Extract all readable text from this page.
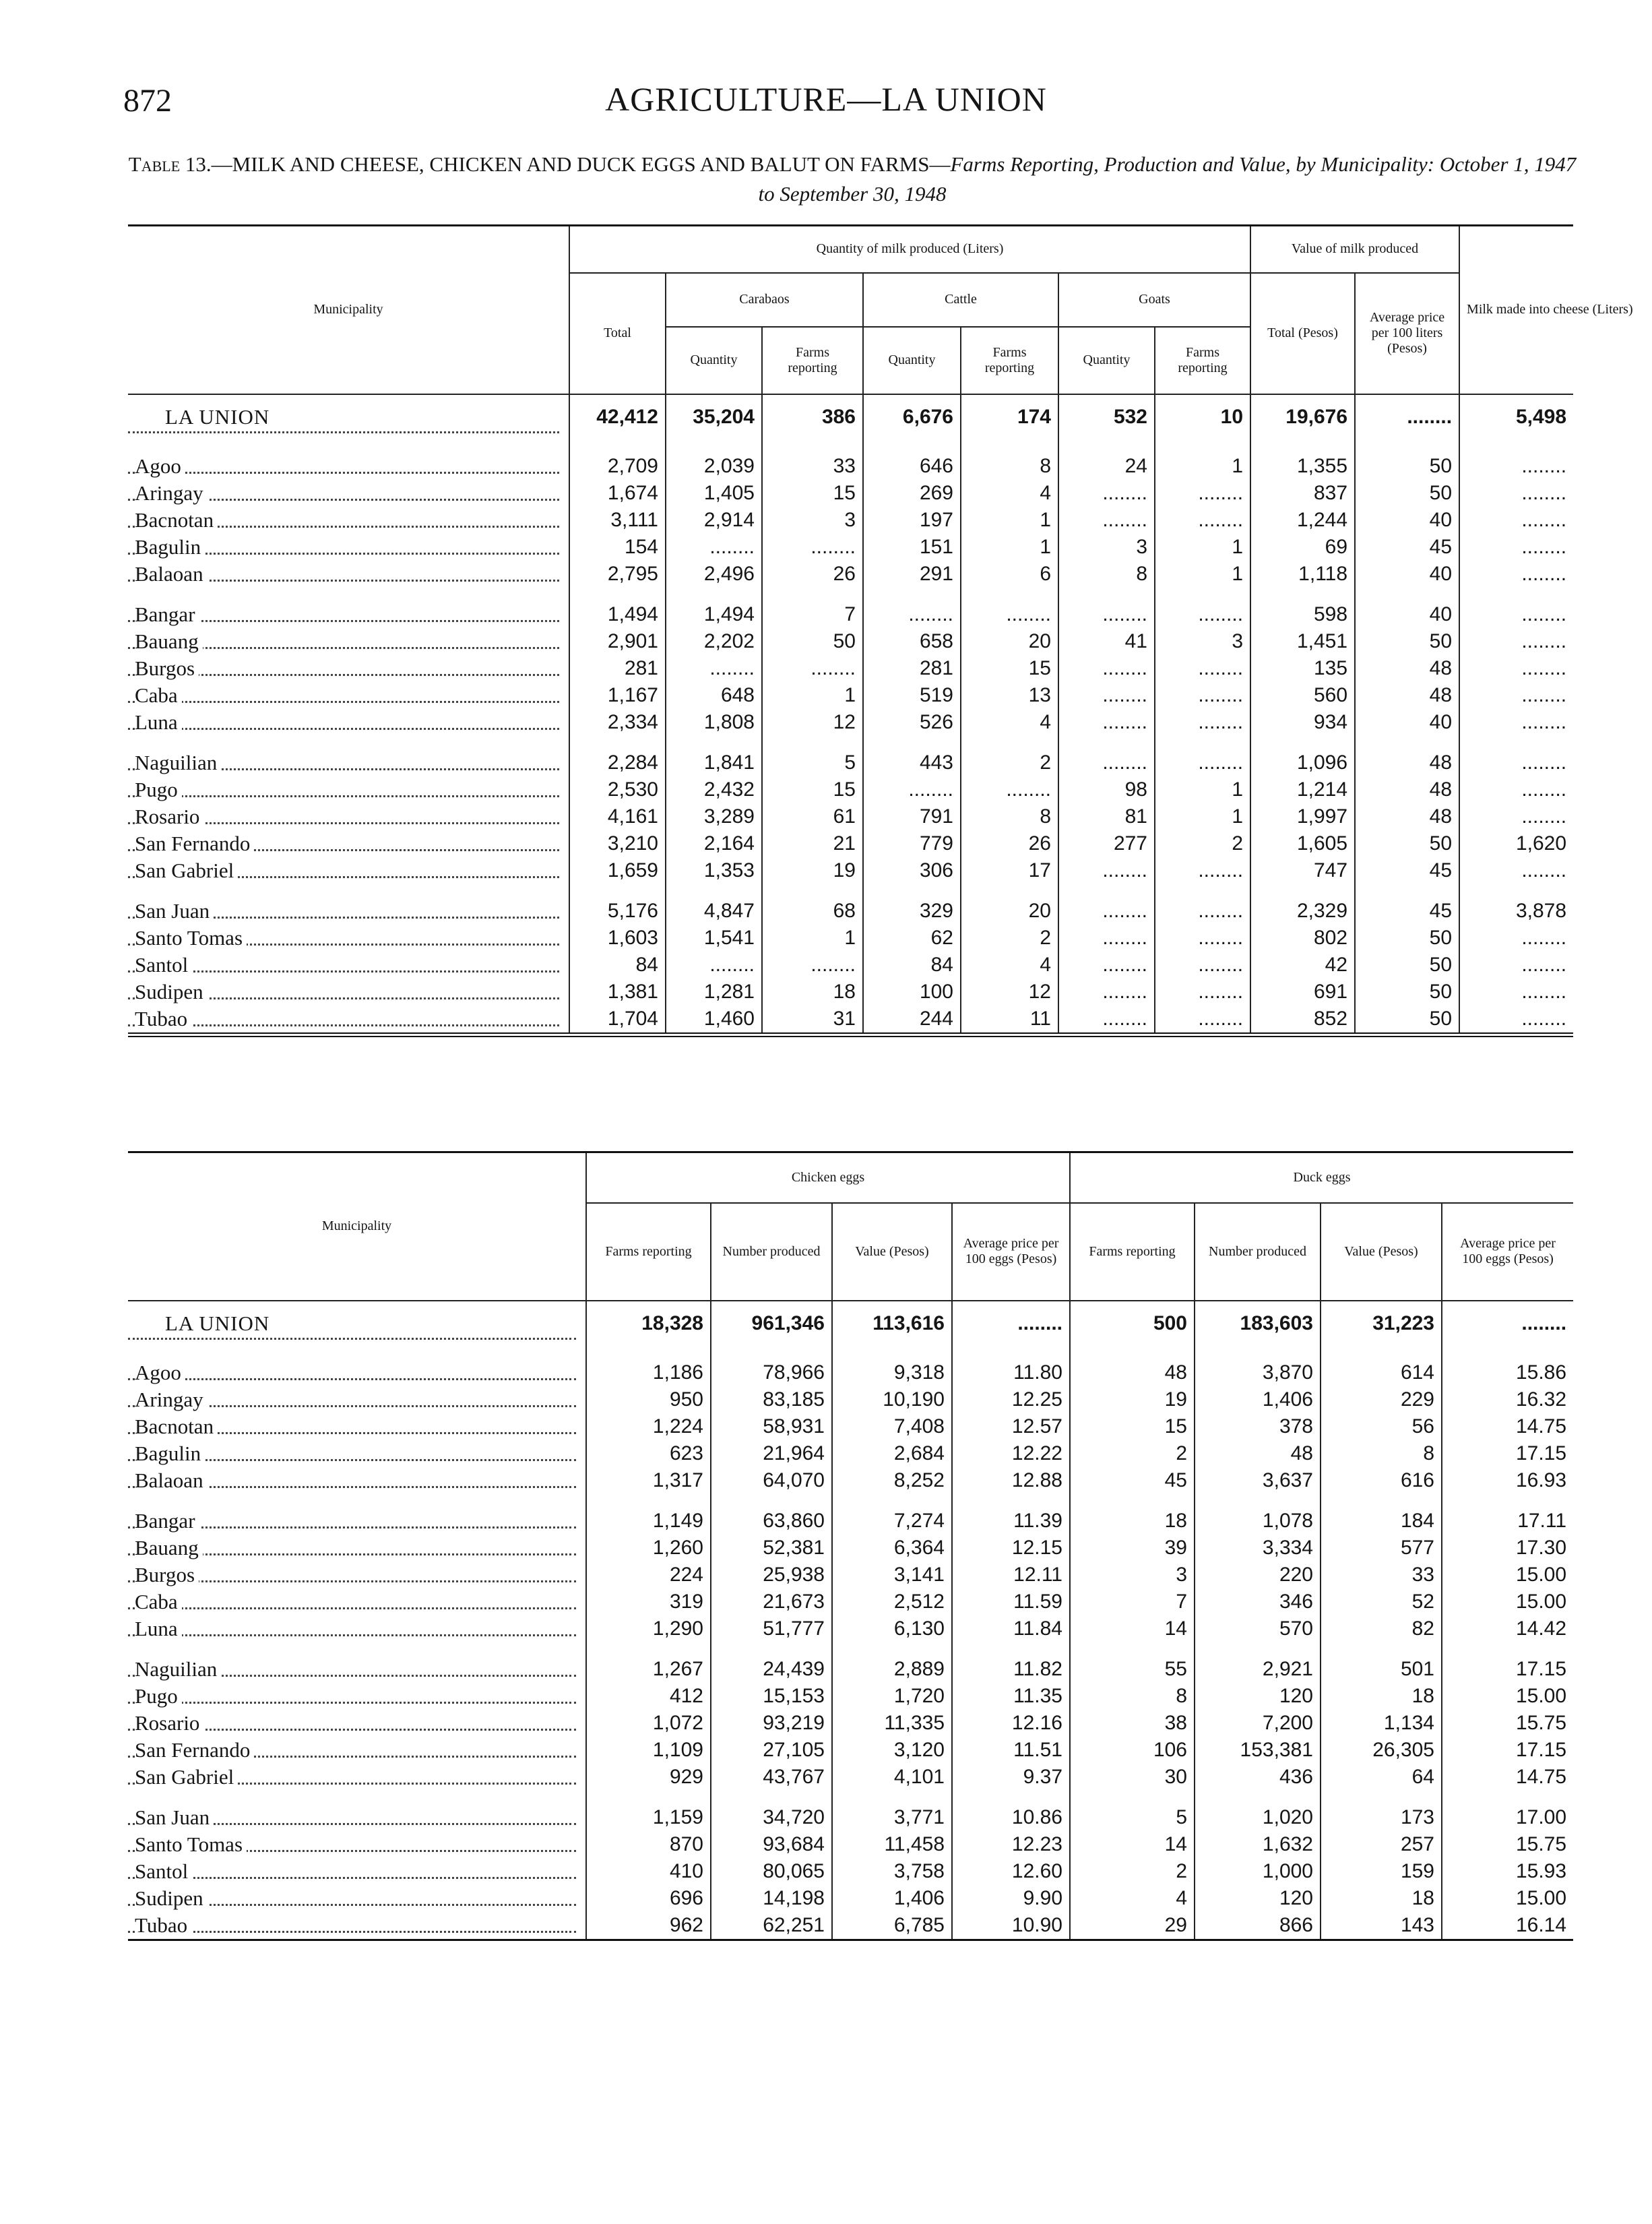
872	AGRICULTURE—LA UNION
Table 13.—MILK AND CHEESE, CHICKEN AND DUCK EGGS AND BALUT ON FARMS—Farms Reporting, Production and Value, by Municipality: October 1, 1947 to September 30, 1948
Municipality	Quantity of milk produced (Liters)							Value of milk produced		Milk made into cheese (Liters)
	Total	Carabaos		Cattle		Goats		Total (Pesos)	Average price per 100 liters (Pesos)	
		Quantity	Farms reporting	Quantity	Farms reporting	Quantity	Farms reporting			

LA UNION	42,412	35,204	386	6,676	174	532	10	19,676	........	5,498

Agoo	2,709	2,039	33	646	8	24	1	1,355	50	........

Aringay	1,674	1,405	15	269	4	........	........	837	50	........

Bacnotan	3,111	2,914	3	197	1	........	........	1,244	40	........

Bagulin	154	........	........	151	1	3	1	69	45	........

Balaoan	2,795	2,496	26	291	6	8	1	1,118	40	........

Bangar	1,494	1,494	7	........	........	........	........	598	40	........

Bauang	2,901	2,202	50	658	20	41	3	1,451	50	........

Burgos	281	........	........	281	15	........	........	135	48	........

Caba	1,167	648	1	519	13	........	........	560	48	........

Luna	2,334	1,808	12	526	4	........	........	934	40	........

Naguilian	2,284	1,841	5	443	2	........	........	1,096	48	........

Pugo	2,530	2,432	15	........	........	98	1	1,214	48	........

Rosario	4,161	3,289	61	791	8	81	1	1,997	48	........

San Fernando	3,210	2,164	21	779	26	277	2	1,605	50	1,620

San Gabriel	1,659	1,353	19	306	17	........	........	747	45	........

San Juan	5,176	4,847	68	329	20	........	........	2,329	45	3,878

Santo Tomas	1,603	1,541	1	62	2	........	........	802	50	........

Santol	84	........	........	84	4	........	........	42	50	........

Sudipen	1,381	1,281	18	100	12	........	........	691	50	........

Tubao	1,704	1,460	31	244	11	........	........	852	50	........
Municipality	Chicken eggs				Duck eggs			
	Farms reporting	Number produced	Value (Pesos)	Average price per 100 eggs (Pesos)	Farms reporting	Number produced	Value (Pesos)	Average price per 100 eggs (Pesos)

LA UNION	18,328	961,346	113,616	........	500	183,603	31,223	........

Agoo	1,186	78,966	9,318	11.80	48	3,870	614	15.86

Aringay	950	83,185	10,190	12.25	19	1,406	229	16.32

Bacnotan	1,224	58,931	7,408	12.57	15	378	56	14.75

Bagulin	623	21,964	2,684	12.22	2	48	8	17.15

Balaoan	1,317	64,070	8,252	12.88	45	3,637	616	16.93

Bangar	1,149	63,860	7,274	11.39	18	1,078	184	17.11

Bauang	1,260	52,381	6,364	12.15	39	3,334	577	17.30

Burgos	224	25,938	3,141	12.11	3	220	33	15.00

Caba	319	21,673	2,512	11.59	7	346	52	15.00

Luna	1,290	51,777	6,130	11.84	14	570	82	14.42

Naguilian	1,267	24,439	2,889	11.82	55	2,921	501	17.15

Pugo	412	15,153	1,720	11.35	8	120	18	15.00

Rosario	1,072	93,219	11,335	12.16	38	7,200	1,134	15.75

San Fernando	1,109	27,105	3,120	11.51	106	153,381	26,305	17.15

San Gabriel	929	43,767	4,101	9.37	30	436	64	14.75

San Juan	1,159	34,720	3,771	10.86	5	1,020	173	17.00

Santo Tomas	870	93,684	11,458	12.23	14	1,632	257	15.75

Santol	410	80,065	3,758	12.60	2	1,000	159	15.93

Sudipen	696	14,198	1,406	9.90	4	120	18	15.00

Tubao	962	62,251	6,785	10.90	29	866	143	16.14
